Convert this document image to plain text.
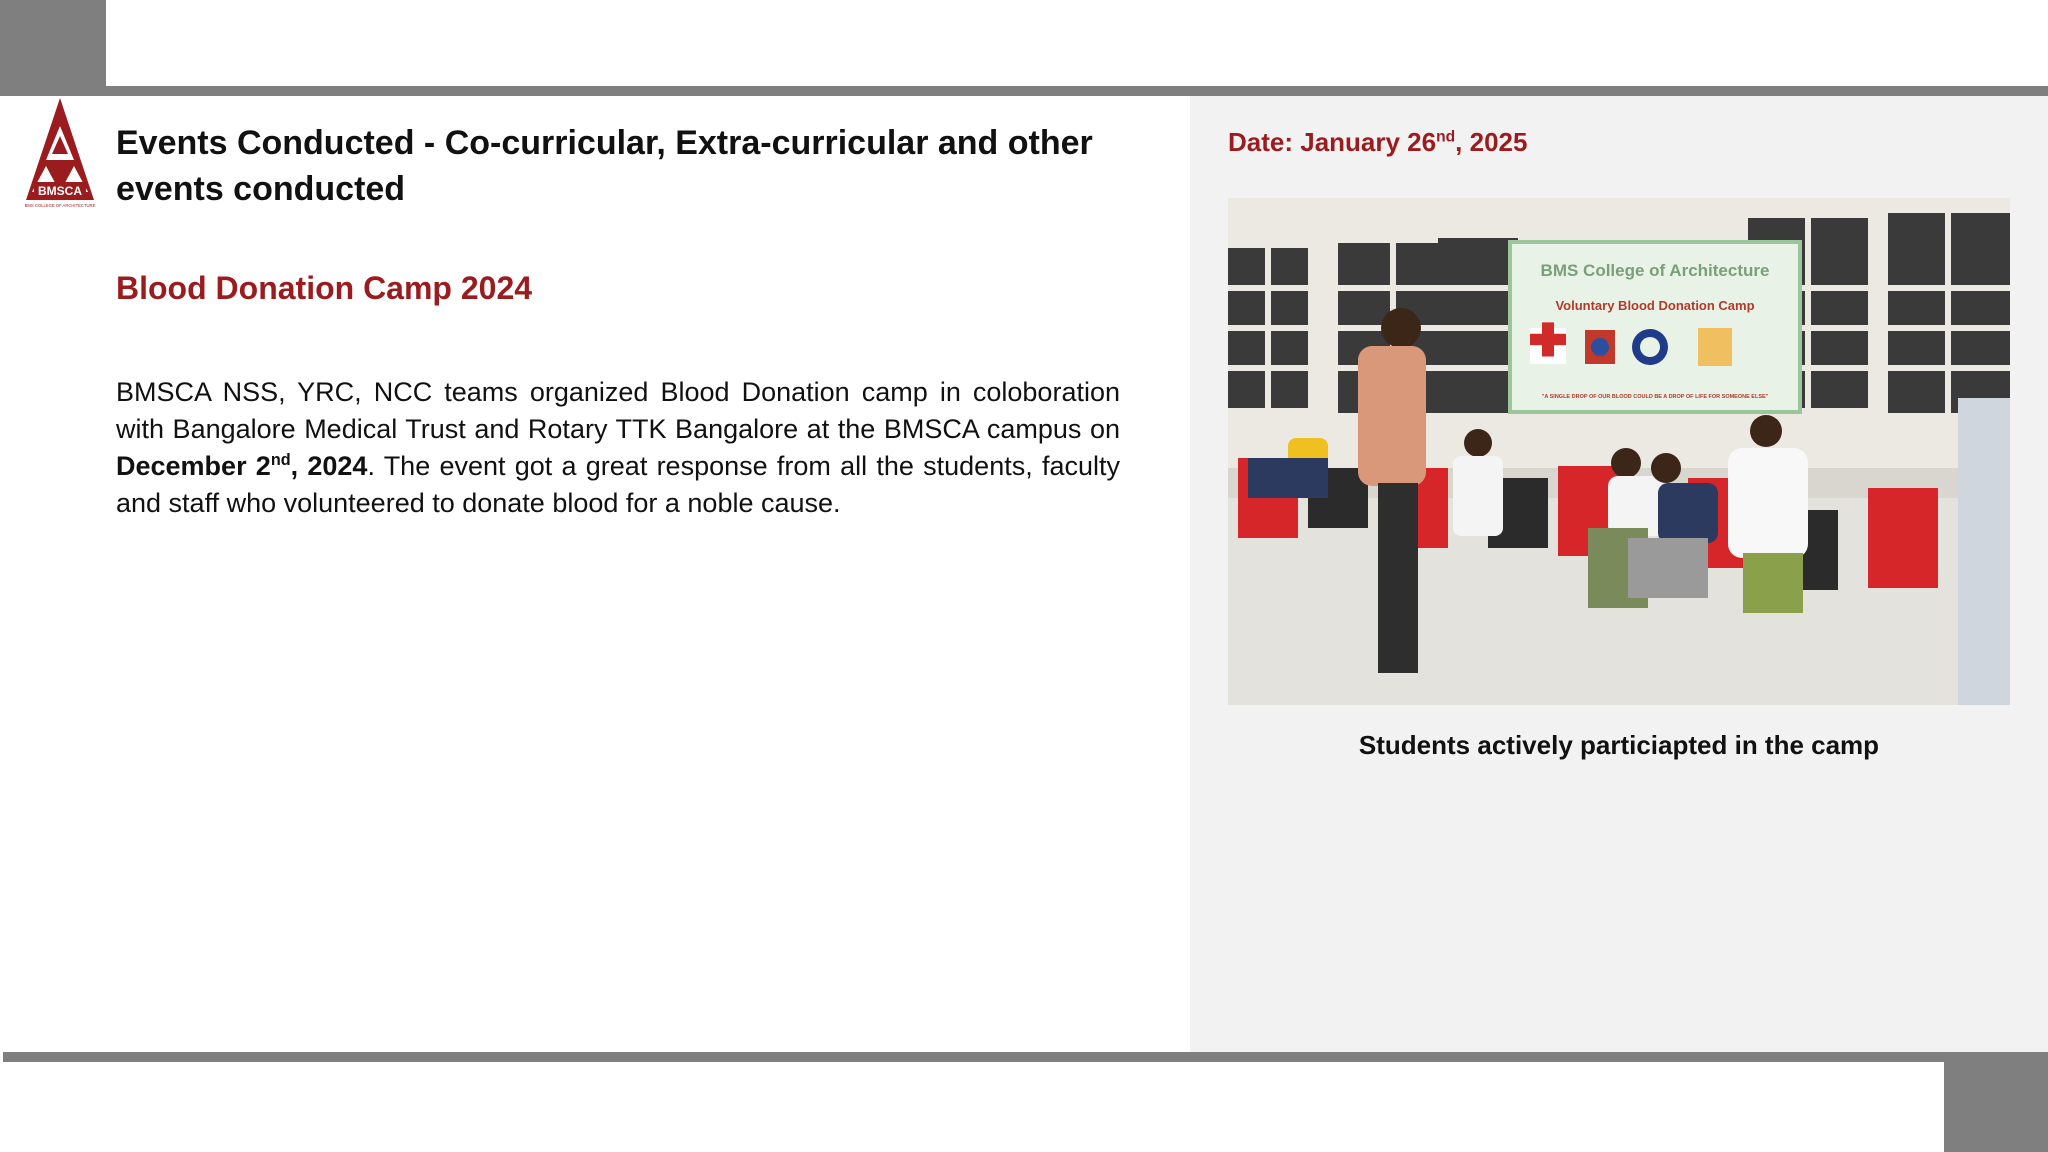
BMSCA
BMS COLLEGE OF ARCHITECTURE
Events Conducted - Co-curricular, Extra-curricular and other events conducted
Blood Donation Camp 2024
BMSCA NSS, YRC, NCC teams organized Blood Donation camp in coloboration with Bangalore Medical Trust and Rotary TTK Bangalore at the BMSCA campus on December 2nd, 2024. The event got a great response from all the students, faculty and staff who volunteered to donate blood for a noble cause.
Date: January 26nd, 2025
BMS College of Architecture
Voluntary Blood Donation Camp
"A SINGLE DROP OF OUR BLOOD COULD BE A DROP OF LIFE FOR SOMEONE ELSE"
Students actively particiapted in the camp
